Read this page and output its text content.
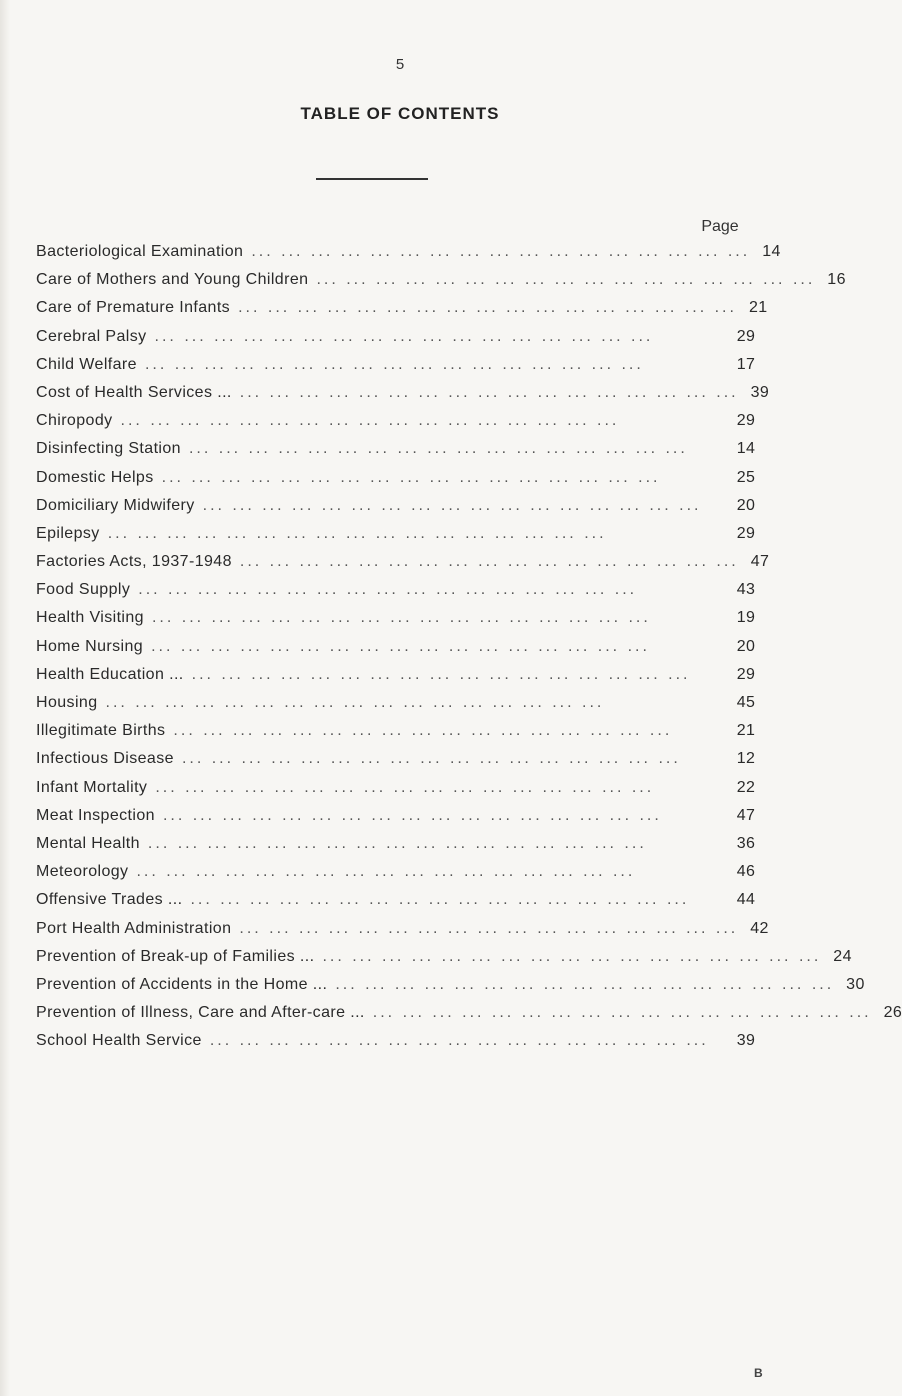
5
TABLE OF CONTENTS
Page
Bacteriological Examination ... ... ... ... ... ... ... ... ... ... ... ... ... ... ... ... ... 14
Care of Mothers and Young Children ... ... ... ... ... ... ... ... ... ... ... ... ... ... ... ... ... 16
Care of Premature Infants ... ... ... ... ... ... ... ... ... ... ... ... ... ... ... ... ... 21
Cerebral Palsy ... ... ... ... ... ... ... ... ... ... ... ... ... ... ... ... ...	29
Child Welfare ... ... ... ... ... ... ... ... ... ... ... ... ... ... ... ... ...	17
Cost of Health Services ... ... ... ... ... ... ... ... ... ... ... ... ... ... ... ... ... ... 39
Chiropody ... ... ... ... ... ... ... ... ... ... ... ... ... ... ... ... ...	29
Disinfecting Station ... ... ... ... ... ... ... ... ... ... ... ... ... ... ... ... ...	14
Domestic Helps ... ... ... ... ... ... ... ... ... ... ... ... ... ... ... ... ...	25
Domiciliary Midwifery ... ... ... ... ... ... ... ... ... ... ... ... ... ... ... ... ...	20
Epilepsy ... ... ... ... ... ... ... ... ... ... ... ... ... ... ... ... ...	29
Factories Acts, 1937-1948 ... ... ... ... ... ... ... ... ... ... ... ... ... ... ... ... ... 47
Food Supply ... ... ... ... ... ... ... ... ... ... ... ... ... ... ... ... ...	43
Health Visiting ... ... ... ... ... ... ... ... ... ... ... ... ... ... ... ... ...	19
Home Nursing ... ... ... ... ... ... ... ... ... ... ... ... ... ... ... ... ...	20
Health Education ... ... ... ... ... ... ... ... ... ... ... ... ... ... ... ... ... ...	29
Housing ... ... ... ... ... ... ... ... ... ... ... ... ... ... ... ... ...	45
Illegitimate Births ... ... ... ... ... ... ... ... ... ... ... ... ... ... ... ... ...	21
Infectious Disease ... ... ... ... ... ... ... ... ... ... ... ... ... ... ... ... ...	12
Infant Mortality ... ... ... ... ... ... ... ... ... ... ... ... ... ... ... ... ...	22
Meat Inspection ... ... ... ... ... ... ... ... ... ... ... ... ... ... ... ... ...	47
Mental Health ... ... ... ... ... ... ... ... ... ... ... ... ... ... ... ... ...	36
Meteorology ... ... ... ... ... ... ... ... ... ... ... ... ... ... ... ... ...	46
Offensive Trades ... ... ... ... ... ... ... ... ... ... ... ... ... ... ... ... ... ...	44
Port Health Administration ... ... ... ... ... ... ... ... ... ... ... ... ... ... ... ... ... 42
Prevention of Break-up of Families ... ... ... ... ... ... ... ... ... ... ... ... ... ... ... ... ... ... 24
Prevention of Accidents in the Home ... ... ... ... ... ... ... ... ... ... ... ... ... ... ... ... ... ... 30
Prevention of Illness, Care and After-care ... ... ... ... ... ... ... ... ... ... ... ... ... ... ... ... ... ... 26
School Health Service ... ... ... ... ... ... ... ... ... ... ... ... ... ... ... ... ...	39
B
